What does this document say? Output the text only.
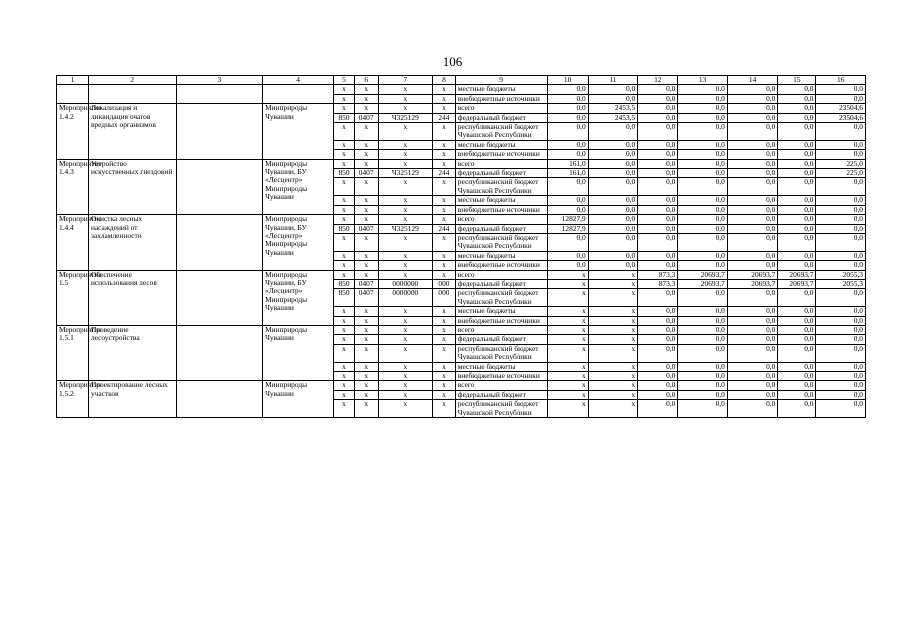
106
1	2	3	4	5	6	7	8	9	10	11	12	13	14	15	16
				х	х	х	х	местные бюджеты	0,0	0,0	0,0	0,0	0,0	0,0	0,0
				х	х	х	х	внебюджетные источники	0,0	0,0	0,0	0,0	0,0	0,0	0,0
Мероприятие 1.4.2	Локализация и ликвидация очагов вредных организмов		Минприроды Чувашии	х	х	х	х	всего	0,0	2453,5	0,0	0,0	0,0	0,0	23504,6
				850	0407	Ч325129	244	федеральный бюджет	0,0	2453,5	0,0	0,0	0,0	0,0	23504,6
				х	х	х	х	республиканский бюджет Чувашской Республики	0,0	0,0	0,0	0,0	0,0	0,0	0,0
				х	х	х	х	местные бюджеты	0,0	0,0	0,0	0,0	0,0	0,0	0,0
				х	х	х	х	внебюджетные источники	0,0	0,0	0,0	0,0	0,0	0,0	0,0
Мероприятие 1.4.3	Устройство искусственных гнездовий		Минприроды Чувашии, БУ «Лесцентр» Минприроды Чувашии	х	х	х	х	всего	161,0	0,0	0,0	0,0	0,0	0,0	225,0
				850	0407	Ч325129	244	федеральный бюджет	161,0	0,0	0,0	0,0	0,0	0,0	225,0
				х	х	х	х	республиканский бюджет Чувашской Республики	0,0	0,0	0,0	0,0	0,0	0,0	0,0
				х	х	х	х	местные бюджеты	0,0	0,0	0,0	0,0	0,0	0,0	0,0
				х	х	х	х	внебюджетные источники	0,0	0,0	0,0	0,0	0,0	0,0	0,0
Мероприятие 1.4.4	Очистка лесных насаждений от захламленности		Минприроды Чувашии, БУ «Лесцентр» Минприроды Чувашии	х	х	х	х	всего	12827,9	0,0	0,0	0,0	0,0	0,0	0,0
				850	0407	Ч325129	244	федеральный бюджет	12827,9	0,0	0,0	0,0	0,0	0,0	0,0
				х	х	х	х	республиканский бюджет Чувашской Республики	0,0	0,0	0,0	0,0	0,0	0,0	0,0
				х	х	х	х	местные бюджеты	0,0	0,0	0,0	0,0	0,0	0,0	0,0
				х	х	х	х	внебюджетные источники	0,0	0,0	0,0	0,0	0,0	0,0	0,0
Мероприятие 1.5	Обеспечение использования лесов		Минприроды Чувашии, БУ «Лесцентр» Минприроды Чувашии	х	х	х	х	всего	х	х	873,3	20693,7	20693,7	20693,7	2055,3
				850	0407	0000000	000	федеральный бюджет	х	х	873,3	20693,7	20693,7	20693,7	2055,3
				850	0407	0000000	000	республиканский бюджет Чувашской Республики	х	х	0,0	0,0	0,0	0,0	0,0
				х	х	х	х	местные бюджеты	х	х	0,0	0,0	0,0	0,0	0,0
				х	х	х	х	внебюджетные источники	х	х	0,0	0,0	0,0	0,0	0,0
Мероприятие 1.5.1	Проведение лесоустройства		Минприроды Чувашии	х	х	х	х	всего	х	х	0,0	0,0	0,0	0,0	0,0
				х	х	х	х	федеральный бюджет	х	х	0,0	0,0	0,0	0,0	0,0
				х	х	х	х	республиканский бюджет Чувашской Республики	х	х	0,0	0,0	0,0	0,0	0,0
				х	х	х	х	местные бюджеты	х	х	0,0	0,0	0,0	0,0	0,0
				х	х	х	х	внебюджетные источники	х	х	0,0	0,0	0,0	0,0	0,0
Мероприятие 1.5.2	Проектирование лесных участков		Минприроды Чувашии	х	х	х	х	всего	х	х	0,0	0,0	0,0	0,0	0,0
				х	х	х	х	федеральный бюджет	х	х	0,0	0,0	0,0	0,0	0,0
				х	х	х	х	республиканский бюджет Чувашской Республики	х	х	0,0	0,0	0,0	0,0	0,0
